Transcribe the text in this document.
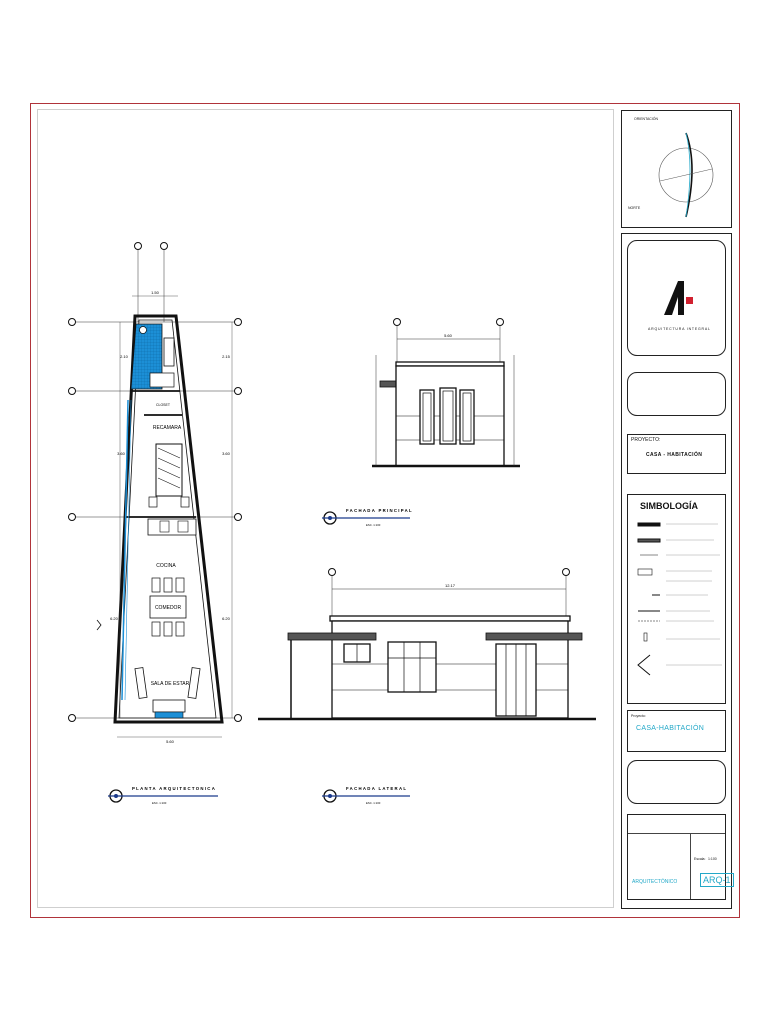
1.50
5.60
2.10
3.60
6.20
2.15
3.60
6.20
CLOSET
RECAMARA
COCINA
COMEDOR
SALA DE ESTAR
5.60
12.17
FACHADA PRINCIPAL
PLANTA ARQUITECTONICA	FACHADA LATERAL
ESC. 1:100
ESC. 1:100	ESC. 1:100
ORIENTACIÓN
NORTE
ARQUITECTURA INTEGRAL
PROYECTO:
CASA - HABITACIÓN
SIMBOLOGÍA
Proyecto:
CASA-HABITACIÓN
Escala: 1:100
ARQUITECTÓNICO	ARQ-1
